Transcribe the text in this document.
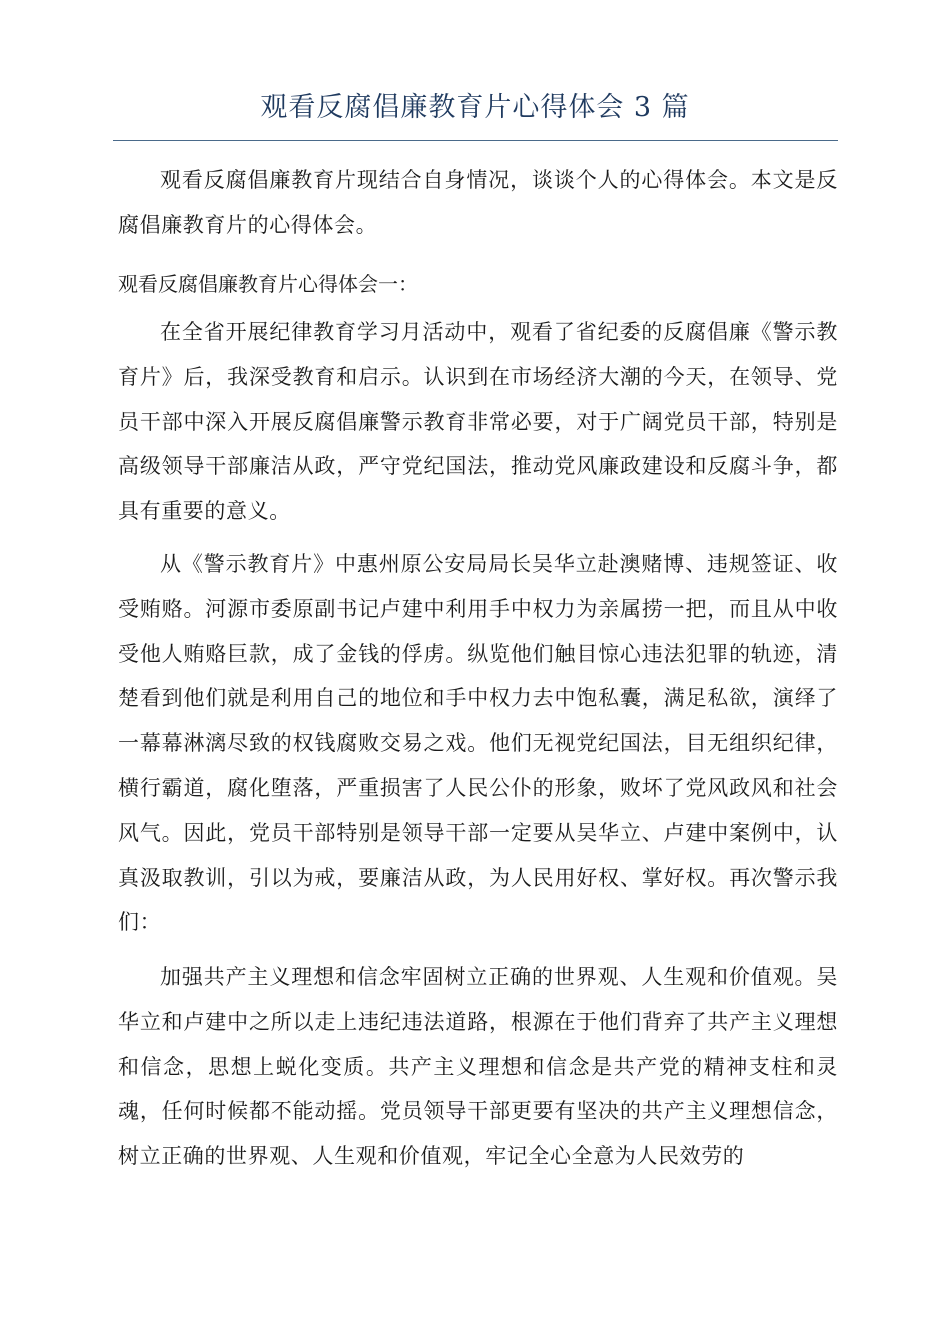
观看反腐倡廉教育片心得体会 3 篇

观看反腐倡廉教育片现结合自身情况，谈谈个人的心得体会。本文是反腐倡廉教育片的心得体会。

观看反腐倡廉教育片心得体会一：

在全省开展纪律教育学习月活动中，观看了省纪委的反腐倡廉《警示教育片》后，我深受教育和启示。认识到在市场经济大潮的今天，在领导、党员干部中深入开展反腐倡廉警示教育非常必要，对于广阔党员干部，特别是高级领导干部廉洁从政，严守党纪国法，推动党风廉政建设和反腐斗争，都具有重要的意义。

从《警示教育片》中惠州原公安局局长吴华立赴澳赌博、违规签证、收受贿赂。河源市委原副书记卢建中利用手中权力为亲属捞一把，而且从中收受他人贿赂巨款，成了金钱的俘虏。纵览他们触目惊心违法犯罪的轨迹，清楚看到他们就是利用自己的地位和手中权力去中饱私囊，满足私欲，演绎了一幕幕淋漓尽致的权钱腐败交易之戏。他们无视党纪国法，目无组织纪律，横行霸道，腐化堕落，严重损害了人民公仆的形象，败坏了党风政风和社会风气。因此，党员干部特别是领导干部一定要从吴华立、卢建中案例中，认真汲取教训，引以为戒，要廉洁从政，为人民用好权、掌好权。再次警示我们：

加强共产主义理想和信念牢固树立正确的世界观、人生观和价值观。吴华立和卢建中之所以走上违纪违法道路，根源在于他们背弃了共产主义理想和信念，思想上蜕化变质。共产主义理想和信念是共产党的精神支柱和灵魂，任何时候都不能动摇。党员领导干部更要有坚决的共产主义理想信念，树立正确的世界观、人生观和价值观，牢记全心全意为人民效劳的
